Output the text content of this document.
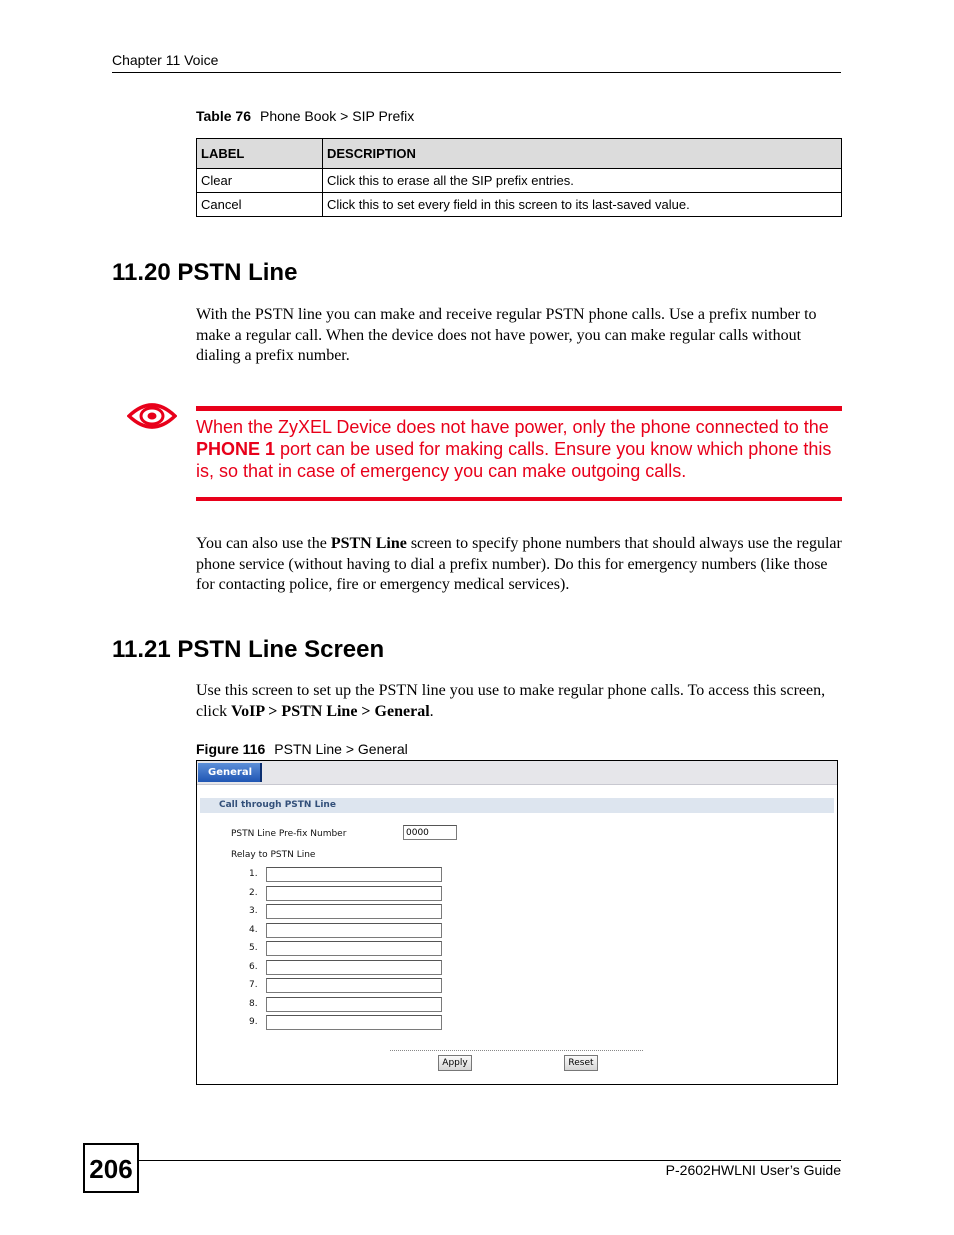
Chapter 11 Voice
Table 76 Phone Book > SIP Prefix
LABEL	DESCRIPTION
Clear	Click this to erase all the SIP prefix entries.
Cancel	Click this to set every field in this screen to its last-saved value.
11.20 PSTN Line
With the PSTN line you can make and receive regular PSTN phone calls. Use a prefix number to make a regular call. When the device does not have power, you can make regular calls without dialing a prefix number.
When the ZyXEL Device does not have power, only the phone connected to the PHONE 1 port can be used for making calls. Ensure you know which phone this is, so that in case of emergency you can make outgoing calls.
You can also use the PSTN Line screen to specify phone numbers that should always use the regular phone service (without having to dial a prefix number). Do this for emergency numbers (like those for contacting police, fire or emergency medical services).
11.21 PSTN Line Screen
Use this screen to set up the PSTN line you use to make regular phone calls. To access this screen, click VoIP > PSTN Line > General.
Figure 116 PSTN Line > General
General
Call through PSTN Line
PSTN Line Pre-fix Number	0000
Relay to PSTN Line
1.
2.
3.
4.
5.
6.
7.
8.
9.
Apply	Reset
206	P-2602HWLNI User’s Guide
